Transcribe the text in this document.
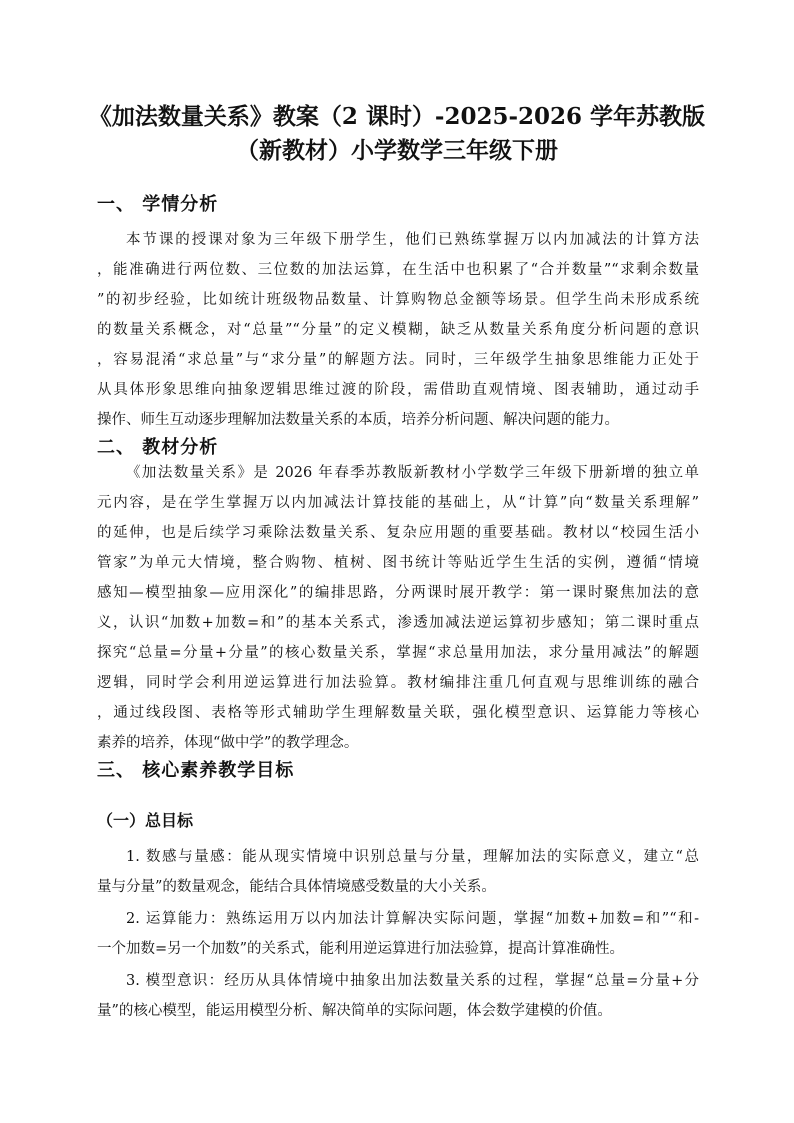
《加法数量关系》教案（2 课时）-2025-2026 学年苏教版
（新教材）小学数学三年级下册
一、 学情分析
本节课的授课对象为三年级下册学生，他们已熟练掌握万以内加减法的计算方法
，能准确进行两位数、三位数的加法运算，在生活中也积累了“合并数量”“求剩余数量
”的初步经验，比如统计班级物品数量、计算购物总金额等场景。但学生尚未形成系统
的数量关系概念，对“总量”“分量”的定义模糊，缺乏从数量关系角度分析问题的意识
，容易混淆“求总量”与“求分量”的解题方法。同时，三年级学生抽象思维能力正处于
从具体形象思维向抽象逻辑思维过渡的阶段，需借助直观情境、图表辅助，通过动手
操作、师生互动逐步理解加法数量关系的本质，培养分析问题、解决问题的能力。
二、 教材分析
《加法数量关系》是 2026 年春季苏教版新教材小学数学三年级下册新增的独立单
元内容，是在学生掌握万以内加减法计算技能的基础上，从“计算”向“数量关系理解”
的延伸，也是后续学习乘除法数量关系、复杂应用题的重要基础。教材以“校园生活小
管家”为单元大情境，整合购物、植树、图书统计等贴近学生生活的实例，遵循“情境
感知—模型抽象—应用深化”的编排思路，分两课时展开教学：第一课时聚焦加法的意
义，认识“加数+加数=和”的基本关系式，渗透加减法逆运算初步感知；第二课时重点
探究“总量=分量+分量”的核心数量关系，掌握“求总量用加法，求分量用减法”的解题
逻辑，同时学会利用逆运算进行加法验算。教材编排注重几何直观与思维训练的融合
，通过线段图、表格等形式辅助学生理解数量关联，强化模型意识、运算能力等核心
素养的培养，体现“做中学”的教学理念。
三、 核心素养教学目标
（一）总目标
1. 数感与量感：能从现实情境中识别总量与分量，理解加法的实际意义，建立“总
量与分量”的数量观念，能结合具体情境感受数量的大小关系。
2. 运算能力：熟练运用万以内加法计算解决实际问题，掌握“加数+加数=和”“和-
一个加数=另一个加数”的关系式，能利用逆运算进行加法验算，提高计算准确性。
3. 模型意识：经历从具体情境中抽象出加法数量关系的过程，掌握“总量=分量+分
量”的核心模型，能运用模型分析、解决简单的实际问题，体会数学建模的价值。
